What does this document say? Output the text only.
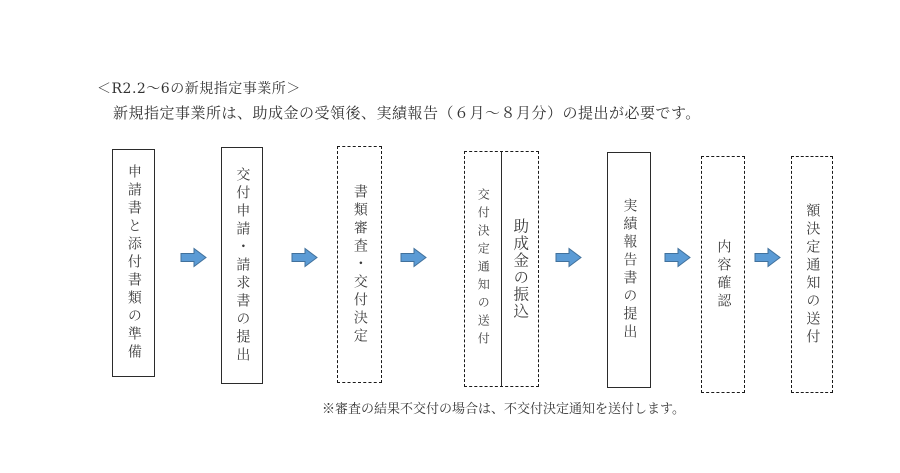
＜R2.2～6の新規指定事業所＞
新規指定事業所は、助成金の受領後、実績報告（６月～８月分）の提出が必要です。
申請書と添付書類の準備	交付申請・請求書の提出	書類審査・交付決定	交付決定通知の送付 助成金の振込	実績報告書の提出	内容確認	額決定通知の送付
※審査の結果不交付の場合は、不交付決定通知を送付します。
